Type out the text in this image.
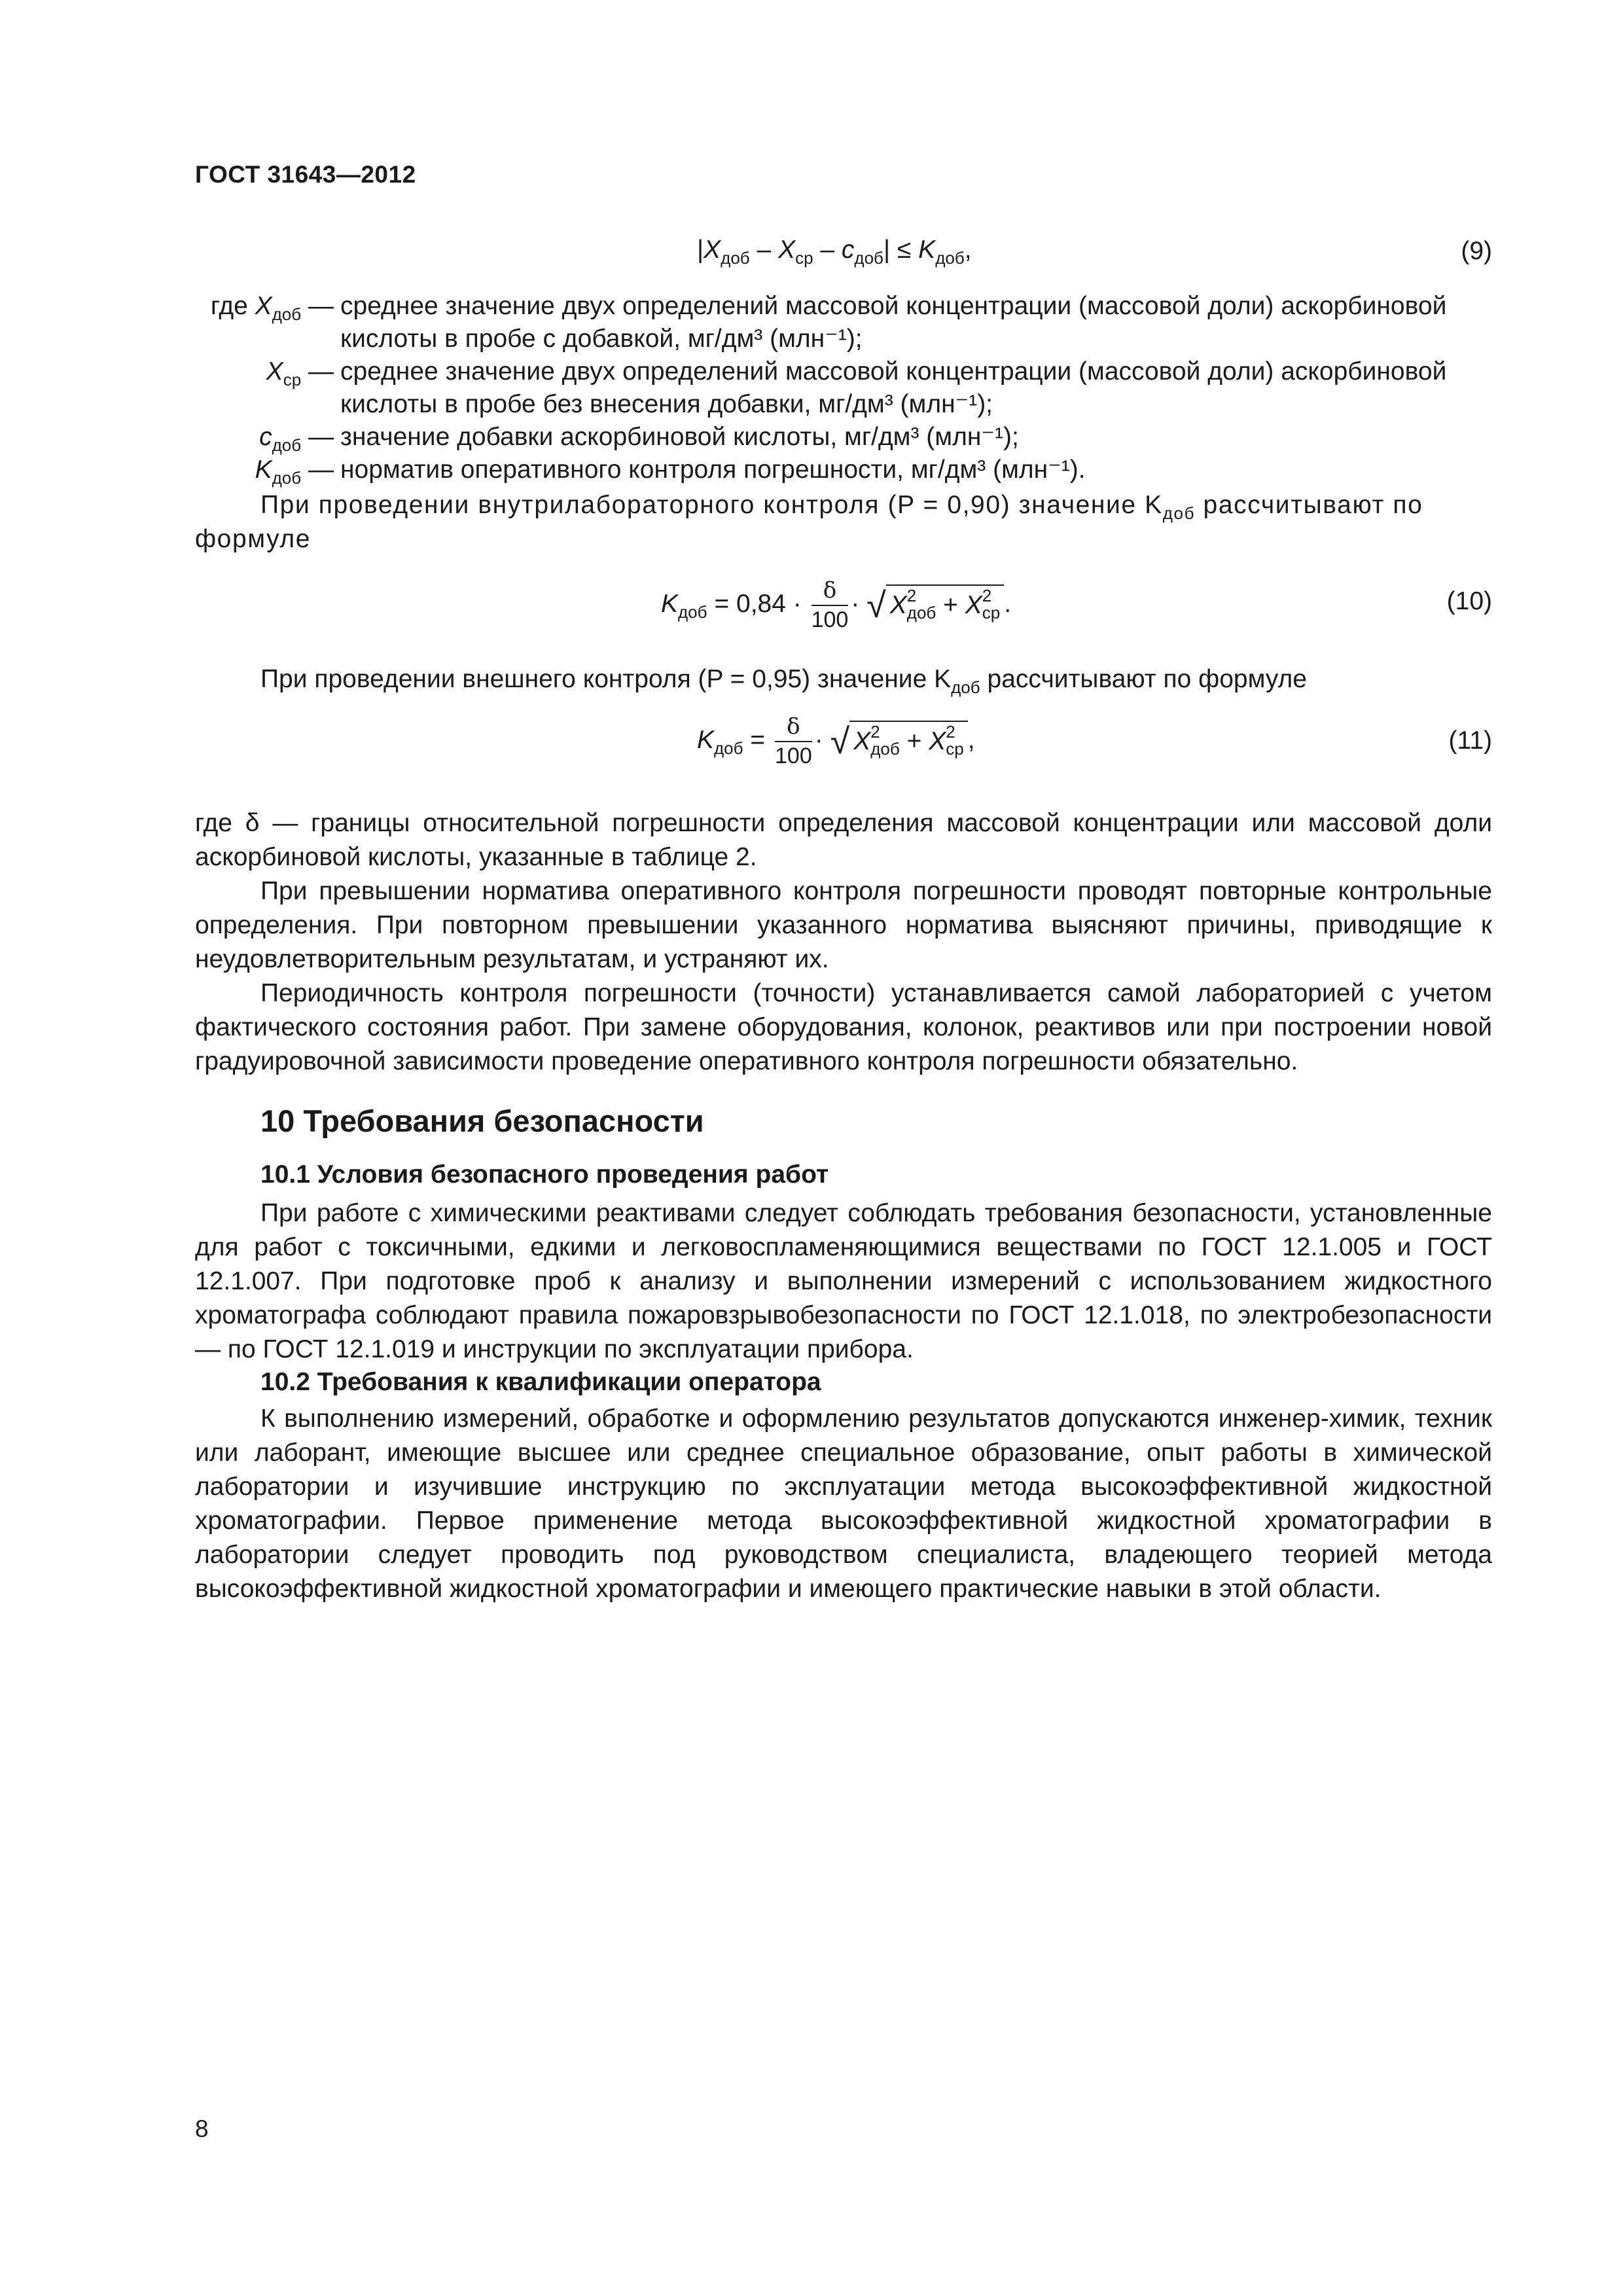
ГОСТ 31643—2012
$|X_{доб} - X_{ср} - c_{доб}| \le K_{доб}$,	(9)
где $X_{доб}$ — среднее значение двух определений массовой концентрации (массовой доли) аскорбиновой кислоты в пробе с добавкой, мг/дм³ (млн⁻¹);
$X_{ср}$ — среднее значение двух определений массовой концентрации (массовой доли) аскорбиновой кислоты в пробе без внесения добавки, мг/дм³ (млн⁻¹);
$c_{доб}$ — значение добавки аскорбиновой кислоты, мг/дм³ (млн⁻¹);
$K_{доб}$ — норматив оперативного контроля погрешности, мг/дм³ (млн⁻¹).
При проведении внутрилабораторного контроля (P = 0,90) значение $K_{доб}$ рассчитывают по формуле
$K_{доб} = 0,84 \cdot \frac{\delta}{100}$ · √ X 2
доб + X 2
ср .	(10)
При проведении внешнего контроля (P = 0,95) значение $K_{доб}$ рассчитывают по формуле
$K_{доб} = \frac{\delta}{100}$ · √ X 2
доб + X 2
ср ,	(11)
где δ — границы относительной погрешности определения массовой концентрации или массовой доли аскорбиновой кислоты, указанные в таблице 2.
При превышении норматива оперативного контроля погрешности проводят повторные контрольные определения. При повторном превышении указанного норматива выясняют причины, приводящие к неудовлетворительным результатам, и устраняют их.
Периодичность контроля погрешности (точности) устанавливается самой лабораторией с учетом фактического состояния работ. При замене оборудования, колонок, реактивов или при построении новой градуировочной зависимости проведение оперативного контроля погрешности обязательно.
10 Требования безопасности
10.1 Условия безопасного проведения работ
При работе с химическими реактивами следует соблюдать требования безопасности, установленные для работ с токсичными, едкими и легковоспламеняющимися веществами по ГОСТ 12.1.005 и ГОСТ 12.1.007. При подготовке проб к анализу и выполнении измерений с использованием жидкостного хроматографа соблюдают правила пожаровзрывобезопасности по ГОСТ 12.1.018, по электробезопасности — по ГОСТ 12.1.019 и инструкции по эксплуатации прибора.
10.2 Требования к квалификации оператора
К выполнению измерений, обработке и оформлению результатов допускаются инженер-химик, техник или лаборант, имеющие высшее или среднее специальное образование, опыт работы в химической лаборатории и изучившие инструкцию по эксплуатации метода высокоэффективной жидкостной хроматографии. Первое применение метода высокоэффективной жидкостной хроматографии в лаборатории следует проводить под руководством специалиста, владеющего теорией метода высокоэффективной жидкостной хроматографии и имеющего практические навыки в этой области.
8
